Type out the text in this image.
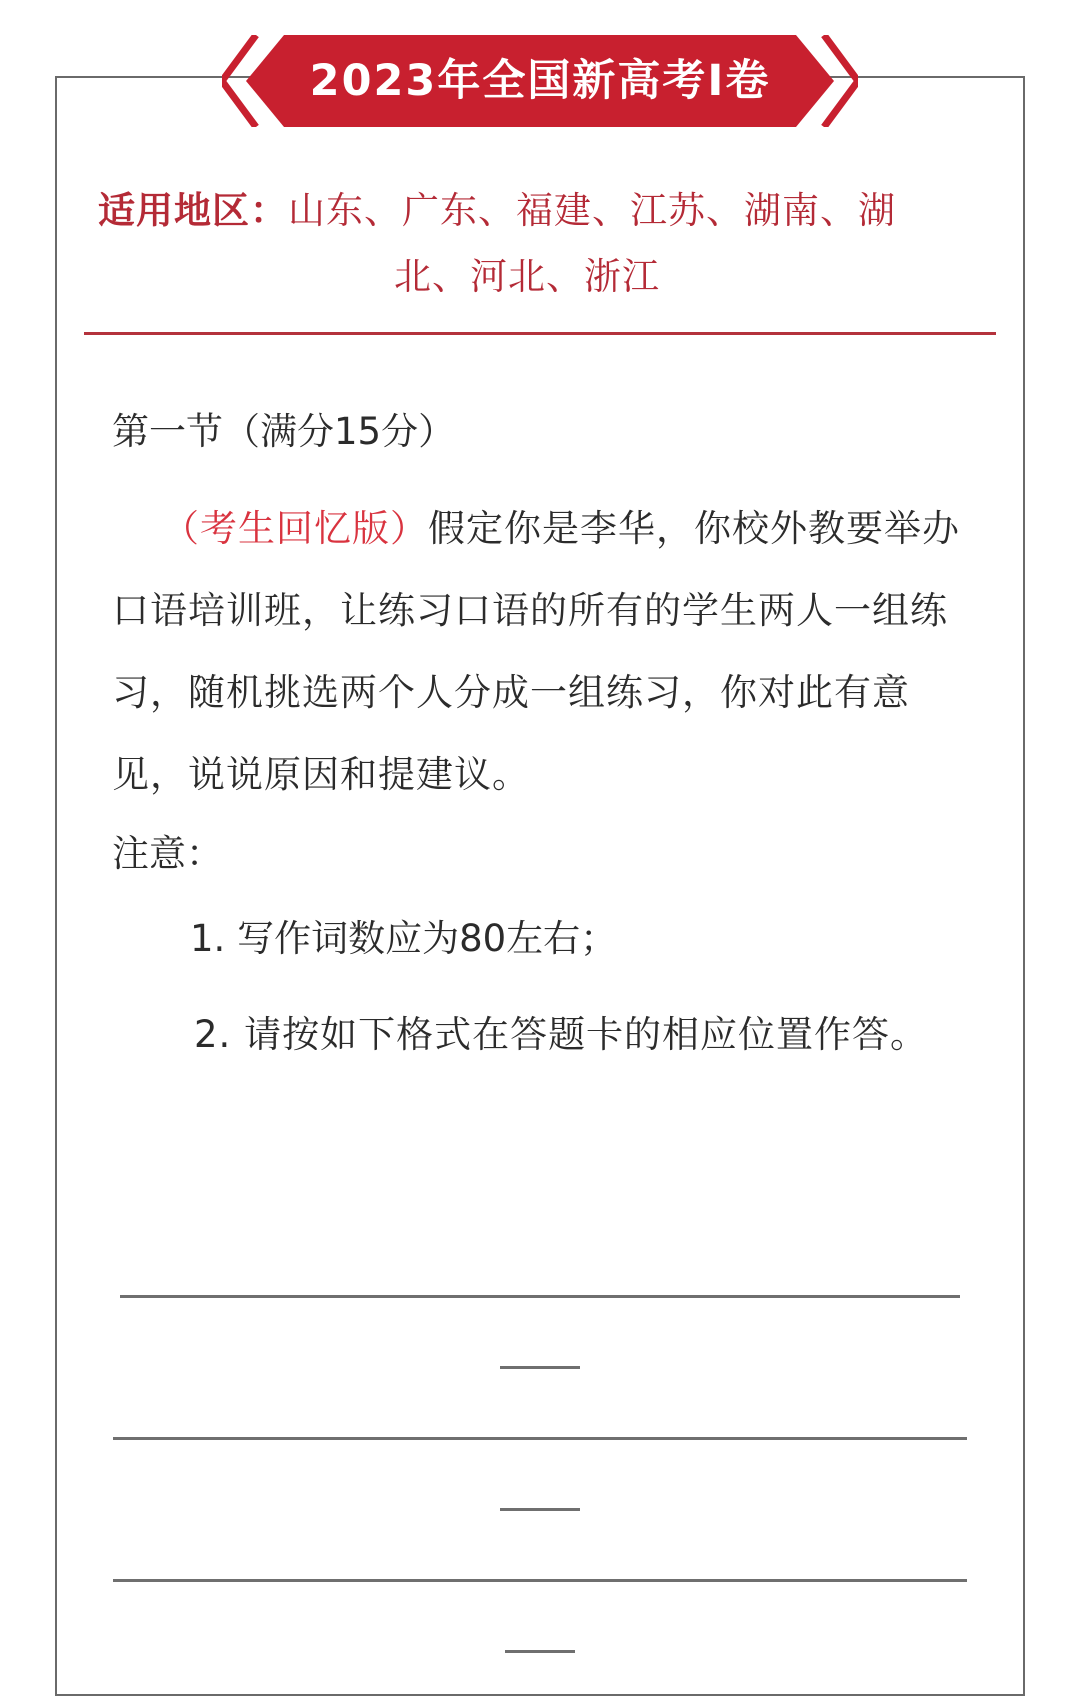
2023年全国新高考Ⅰ卷
适用地区：山东、广东、福建、江苏、湖南、湖
北、河北、浙江
第一节（满分15分）
（考生回忆版）假定你是李华，你校外教要举办口语培训班，让练习口语的所有的学生两人一组练习，随机挑选两个人分成一组练习，你对此有意见，说说原因和提建议。
注意：
1. 写作词数应为80左右；
2. 请按如下格式在答题卡的相应位置作答。
